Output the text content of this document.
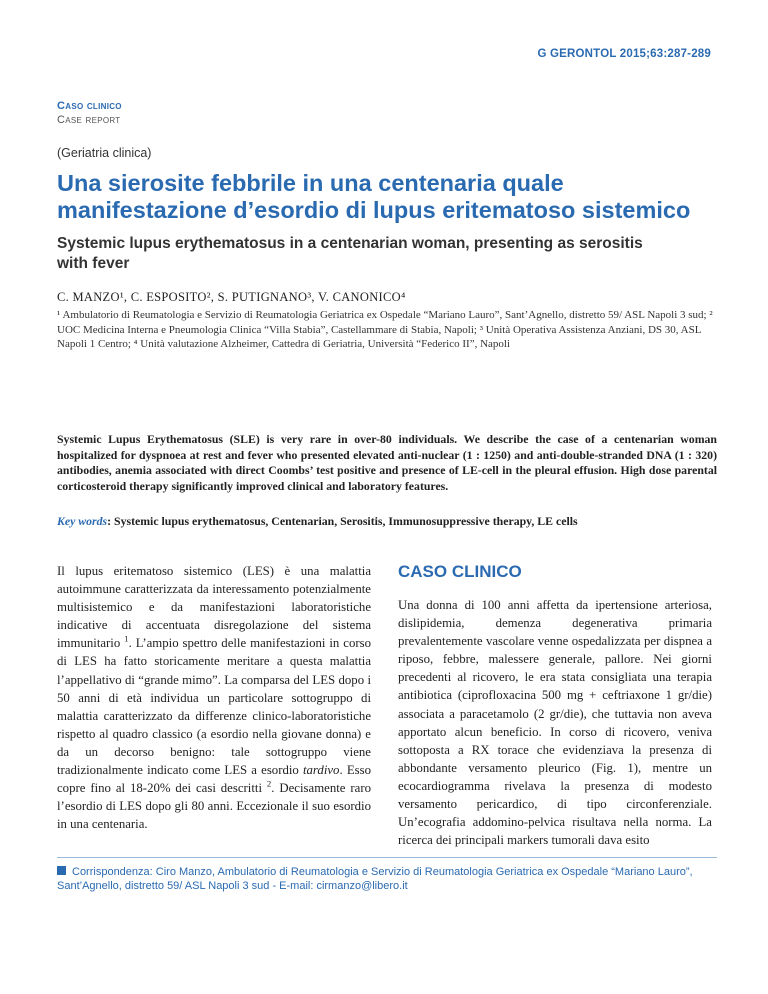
G GERONTOL 2015;63:287-289
Caso clinico
Case report
(Geriatria clinica)
Una sierosite febbrile in una centenaria quale manifestazione d’esordio di lupus eritematoso sistemico
Systemic lupus erythematosus in a centenarian woman, presenting as serositis with fever
C. MANZO¹, C. ESPOSITO², S. PUTIGNANO³, V. CANONICO⁴
¹ Ambulatorio di Reumatologia e Servizio di Reumatologia Geriatrica ex Ospedale “Mariano Lauro”, Sant’Agnello, distretto 59/ ASL Napoli 3 sud; ² UOC Medicina Interna e Pneumologia Clinica “Villa Stabia”, Castellammare di Stabia, Napoli; ³ Unità Operativa Assistenza Anziani, DS 30, ASL Napoli 1 Centro; ⁴ Unità valutazione Alzheimer, Cattedra di Geriatria, Università “Federico II”, Napoli

Systemic Lupus Erythematosus (SLE) is very rare in over-80 individuals. We describe the case of a centenarian woman hospitalized for dyspnoea at rest and fever who presented elevated anti-nuclear (1 : 1250) and anti-double-stranded DNA (1 : 320) antibodies, anemia associated with direct Coombs’ test positive and presence of LE-cell in the pleural effusion. High dose parental corticosteroid therapy significantly improved clinical and laboratory features.

Key words: Systemic lupus erythematosus, Centenarian, Serositis, Immunosuppressive therapy, LE cells

Il lupus eritematoso sistemico (LES) è una malattia autoimmune caratterizzata da interessamento potenzialmente multisistemico e da manifestazioni laboratoristiche indicative di accentuata disregolazione del sistema immunitario $^1$. L’ampio spettro delle manifestazioni in corso di LES ha fatto storicamente meritare a questa malattia l’appellativo di “grande mimo”. La comparsa del LES dopo i 50 anni di età individua un particolare sottogruppo di malattia caratterizzato da differenze clinico-laboratoristiche rispetto al quadro classico (a esordio nella giovane donna) e da un decorso benigno: tale sottogruppo viene tradizionalmente indicato come LES a esordio tardivo. Esso copre fino al 18-20% dei casi descritti $^2$. Decisamente raro l’esordio di LES dopo gli 80 anni. Eccezionale il suo esordio in una centenaria.

CASO CLINICO

Una donna di 100 anni affetta da ipertensione arteriosa, dislipidemia, demenza degenerativa primaria prevalentemente vascolare venne ospedalizzata per dispnea a riposo, febbre, malessere generale, pallore. Nei giorni precedenti al ricovero, le era stata consigliata una terapia antibiotica (ciprofloxacina 500 mg + ceftriaxone 1 gr/die) associata a paracetamolo (2 gr/die), che tuttavia non aveva apportato alcun beneficio. In corso di ricovero, veniva sottoposta a RX torace che evidenziava la presenza di abbondante versamento pleurico (Fig. 1), mentre un ecocardiogramma rivelava la presenza di modesto versamento pericardico, di tipo circonferenziale. Un’ecografia addomino-pelvica risultava nella norma. La ricerca dei principali markers tumorali dava esito

Corrispondenza: Ciro Manzo, Ambulatorio di Reumatologia e Servizio di Reumatologia Geriatrica ex Ospedale “Mariano Lauro”, Sant’Agnello, distretto 59/ ASL Napoli 3 sud - E-mail: cirmanzo@libero.it
